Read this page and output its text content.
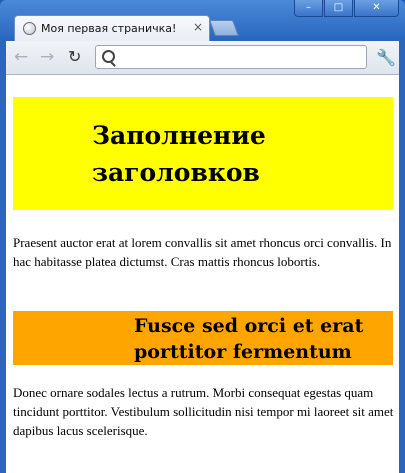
–	□	✕
Моя первая страничка! ×
← → ↻	🔧
Заполнение заголовков

Praesent auctor erat at lorem convallis sit amet rhoncus orci convallis. In hac habitasse platea dictumst. Cras mattis rhoncus lobortis.

Fusce sed orci et erat porttitor fermentum

Donec ornare sodales lectus a rutrum. Morbi consequat egestas quam tincidunt porttitor. Vestibulum sollicitudin nisi tempor mi laoreet sit amet dapibus lacus scelerisque.
